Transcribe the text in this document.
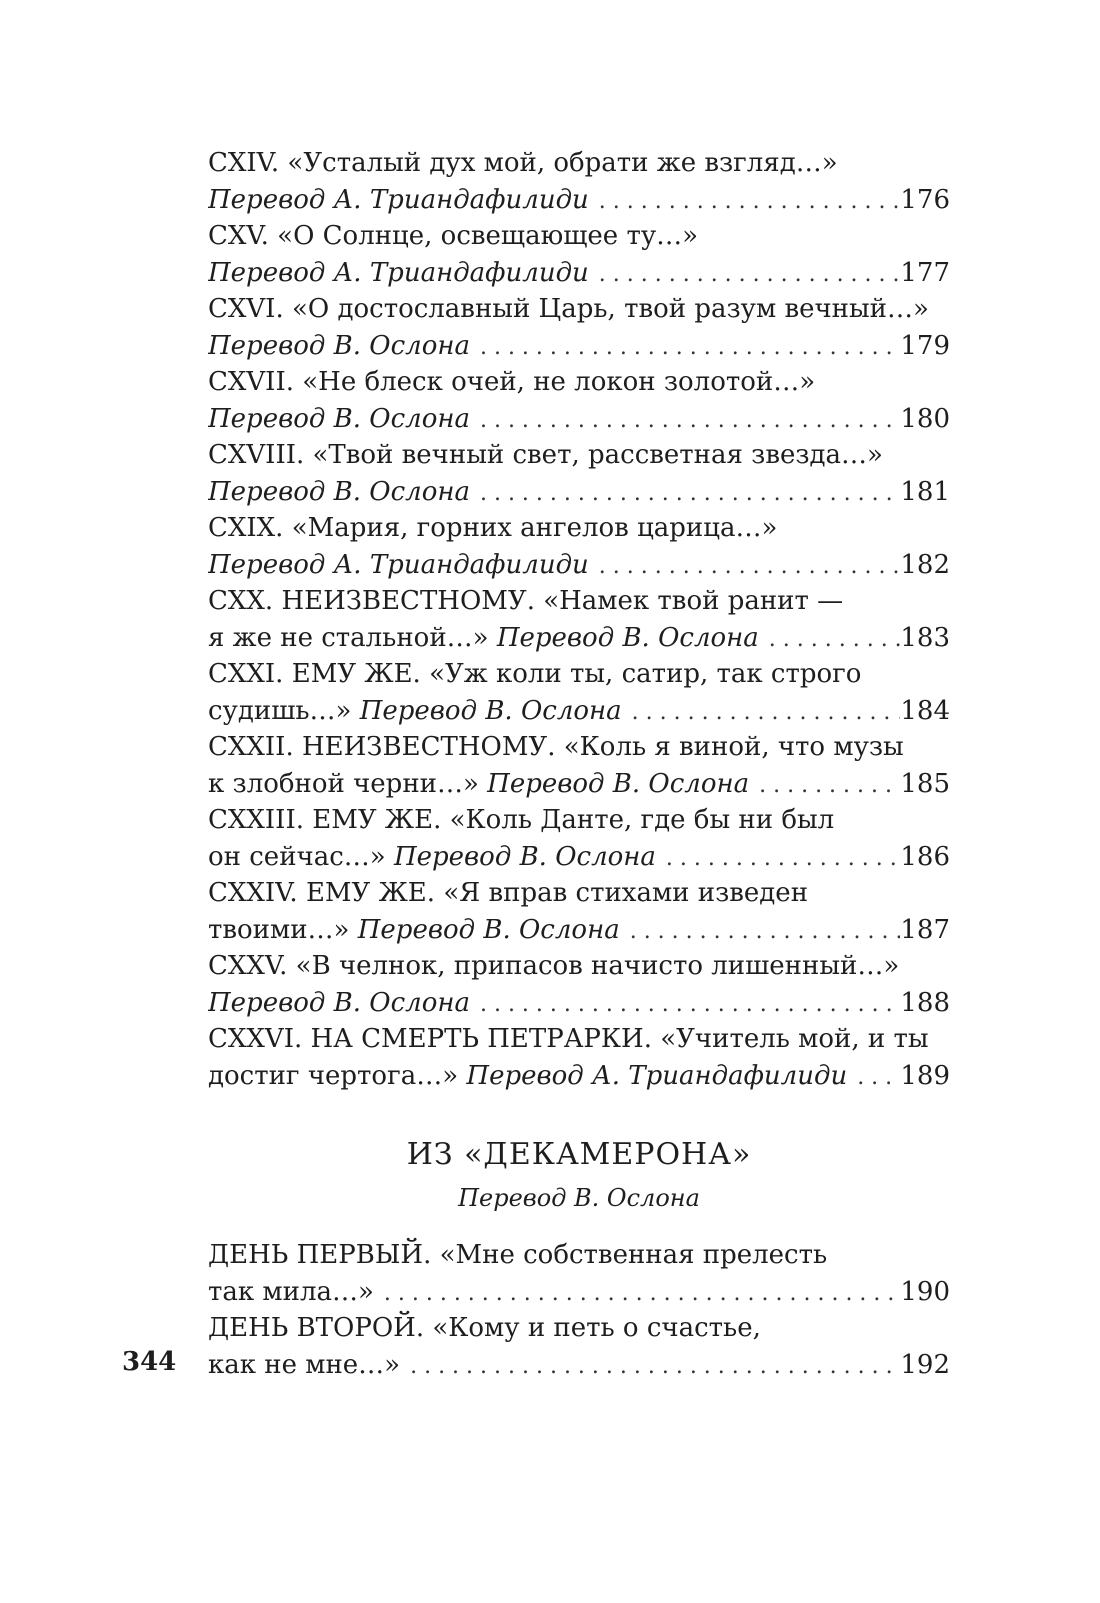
CXIV. «Усталый дух мой, обрати же взгляд…»
Перевод А. Триандафилиди . . .	176
CXV. «О Солнце, освещающее ту…»
Перевод А. Триандафилиди . . .	177
CXVI. «О достославный Царь, твой разум вечный…»
Перевод В. Ослона . . .	179
CXVII. «Не блеск очей, не локон золотой…»
Перевод В. Ослона . . .	180
CXVIII. «Твой вечный свет, рассветная звезда…»
Перевод В. Ослона . . .	181
CXIX. «Мария, горних ангелов царица…»
Перевод А. Триандафилиди . . .	182
CXX. НЕИЗВЕСТНОМУ. «Намек твой ранит —
я же не стальной…» Перевод В. Ослона . . .	183
CXXI. ЕМУ ЖЕ. «Уж коли ты, сатир, так строго
судишь…» Перевод В. Ослона . . .	184
CXXII. НЕИЗВЕСТНОМУ. «Коль я виной, что музы
к злобной черни…» Перевод В. Ослона . . .	185
CXXIII. ЕМУ ЖЕ. «Коль Данте, где бы ни был
он сейчас…» Перевод В. Ослона . . .	186
CXXIV. ЕМУ ЖЕ. «Я вправ стихами изведен
твоими…» Перевод В. Ослона . . .	187
CXXV. «В челнок, припасов начисто лишенный…»
Перевод В. Ослона . . .	188
CXXVI. НА СМЕРТЬ ПЕТРАРКИ. «Учитель мой, и ты
достиг чертога…» Перевод А. Триандафилиди . . . 189
ИЗ «ДЕКАМЕРОНА»
Перевод В. Ослона
ДЕНЬ ПЕРВЫЙ. «Мне собственная прелесть
так мила…» . . .	190
ДЕНЬ ВТОРОЙ. «Кому и петь о счастье,
как не мне…» . . .	192
344
